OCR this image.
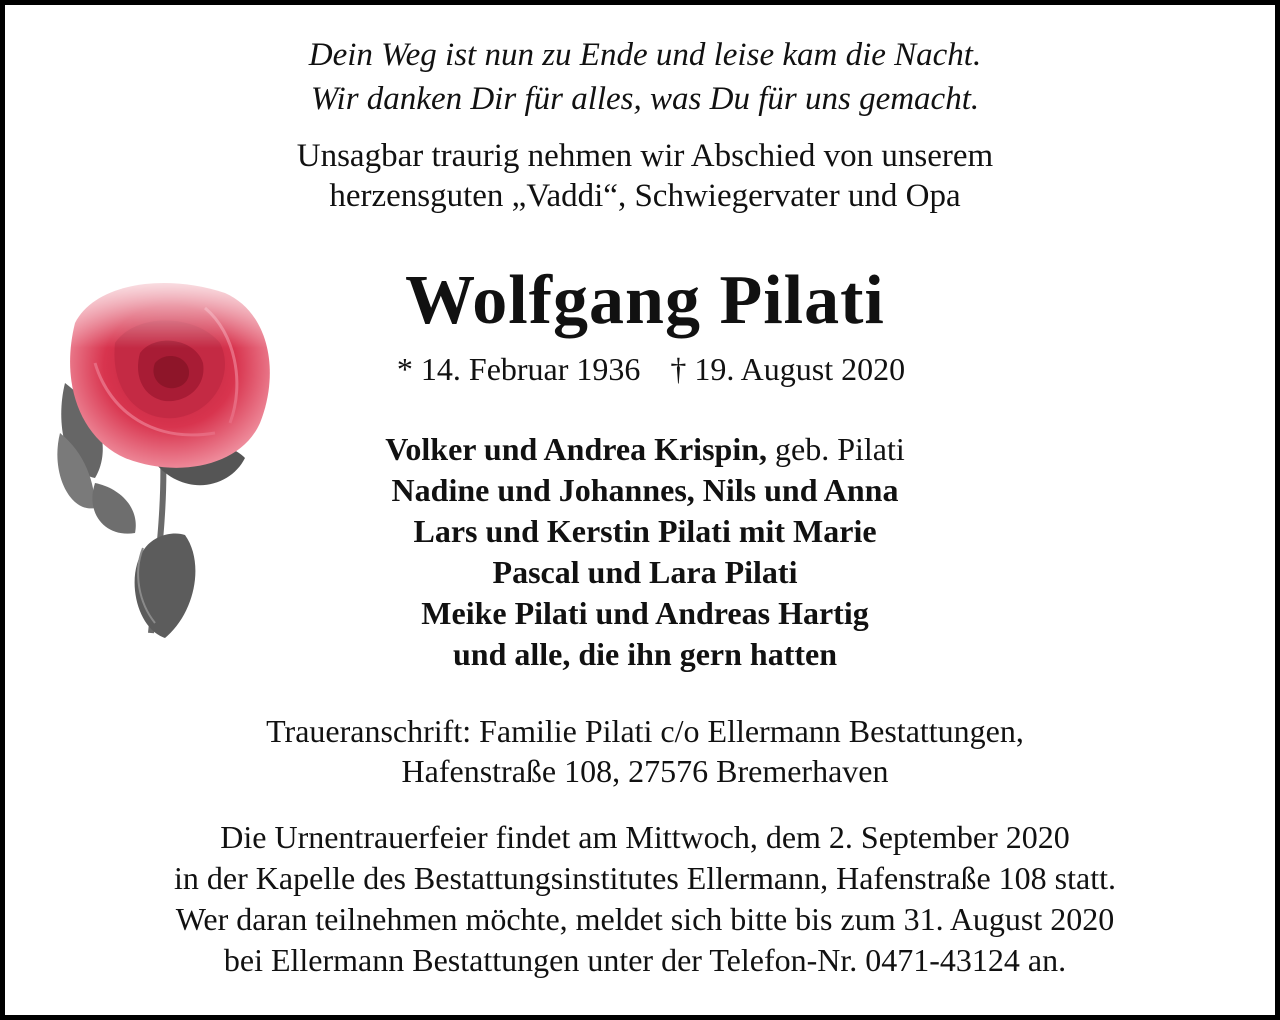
Dein Weg ist nun zu Ende und leise kam die Nacht.
Wir danken Dir für alles, was Du für uns gemacht.
Unsagbar traurig nehmen wir Abschied von unserem
herzensguten „Vaddi“, Schwiegervater und Opa
Wolfgang Pilati
* 14. Februar 1936 † 19. August 2020
Volker und Andrea Krispin, geb. Pilati
Nadine und Johannes, Nils und Anna
Lars und Kerstin Pilati mit Marie
Pascal und Lara Pilati
Meike Pilati und Andreas Hartig
und alle, die ihn gern hatten
Traueranschrift: Familie Pilati c/o Ellermann Bestattungen,
Hafenstraße 108, 27576 Bremerhaven
Die Urnentrauerfeier findet am Mittwoch, dem 2. September 2020
in der Kapelle des Bestattungsinstitutes Ellermann, Hafenstraße 108 statt.
Wer daran teilnehmen möchte, meldet sich bitte bis zum 31. August 2020
bei Ellermann Bestattungen unter der Telefon-Nr. 0471-43124 an.
